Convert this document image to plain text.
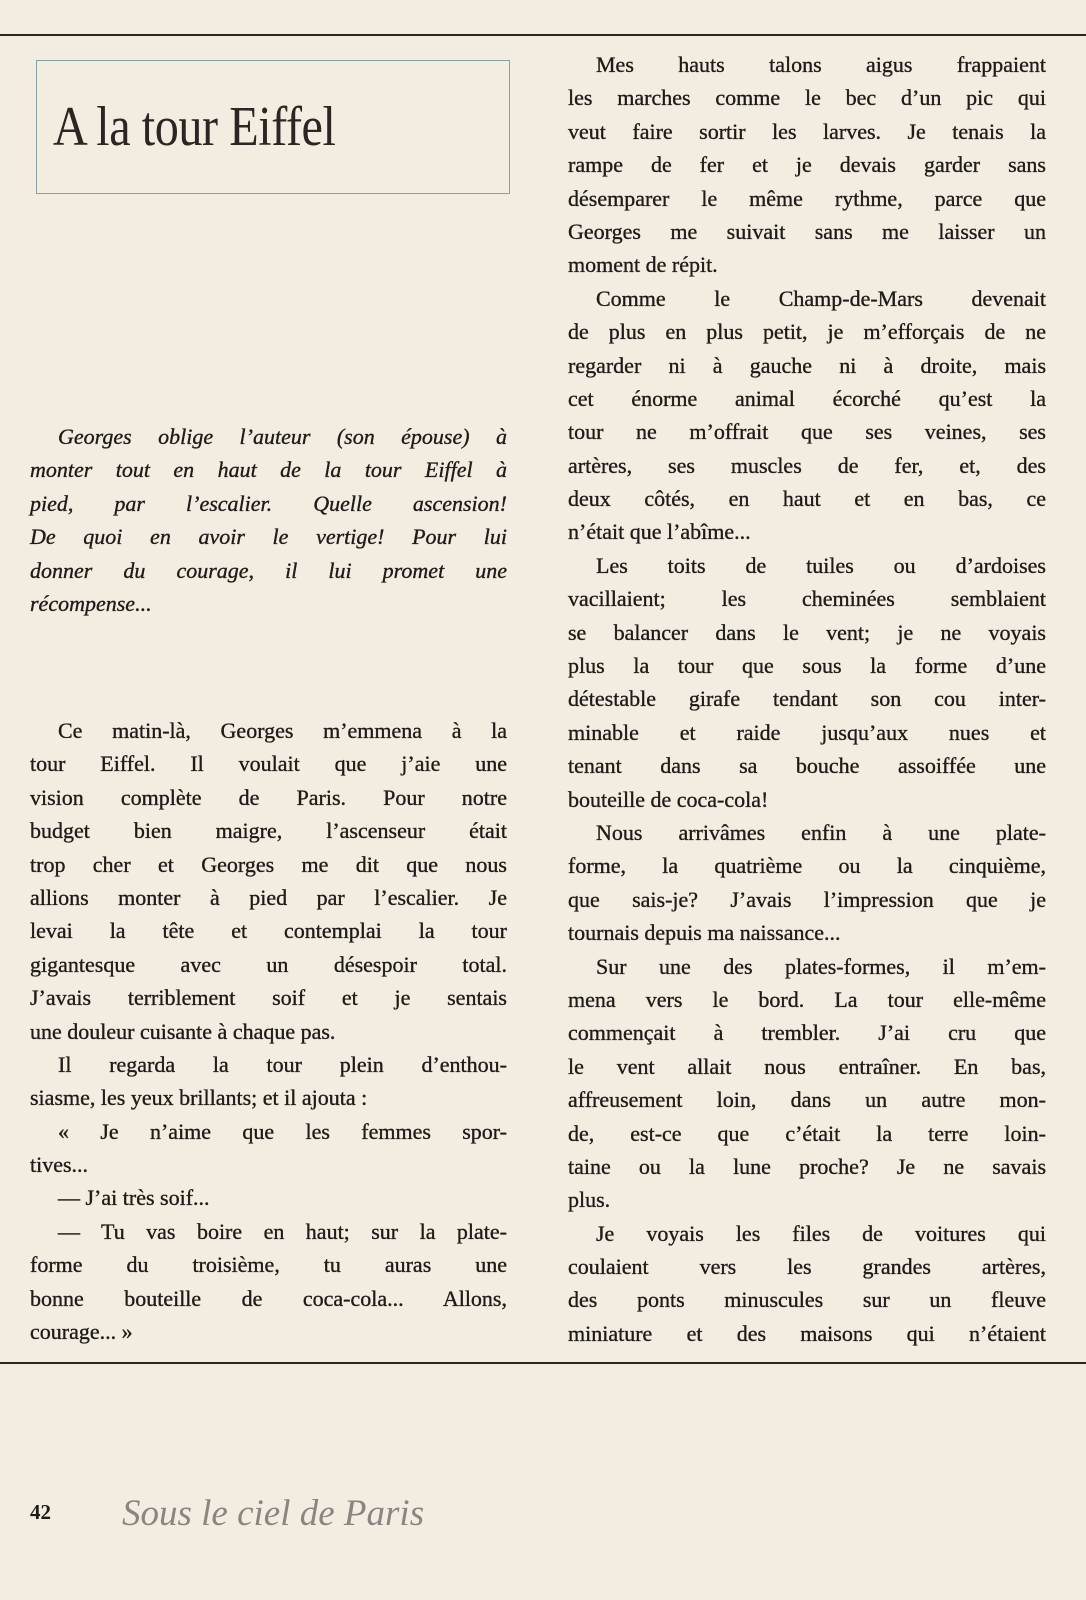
A la tour Eiffel
Georges oblige l’auteur (son épouse) à
monter tout en haut de la tour Eiffel à
pied, par l’escalier. Quelle ascension!
De quoi en avoir le vertige! Pour lui
donner du courage, il lui promet une
récompense...
Ce matin-là, Georges m’emmena à la
tour Eiffel. Il voulait que j’aie une
vision complète de Paris. Pour notre
budget bien maigre, l’ascenseur était
trop cher et Georges me dit que nous
allions monter à pied par l’escalier. Je
levai la tête et contemplai la tour
gigantesque avec un désespoir total.
J’avais terriblement soif et je sentais
une douleur cuisante à chaque pas.
Il regarda la tour plein d’enthou-
siasme, les yeux brillants; et il ajouta :
« Je n’aime que les femmes spor-
tives...
— J’ai très soif...
— Tu vas boire en haut; sur la plate-
forme du troisième, tu auras une
bonne bouteille de coca-cola... Allons,
courage... »
Mes hauts talons aigus frappaient
les marches comme le bec d’un pic qui
veut faire sortir les larves. Je tenais la
rampe de fer et je devais garder sans
désemparer le même rythme, parce que
Georges me suivait sans me laisser un
moment de répit.
Comme le Champ-de-Mars devenait
de plus en plus petit, je m’efforçais de ne
regarder ni à gauche ni à droite, mais
cet énorme animal écorché qu’est la
tour ne m’offrait que ses veines, ses
artères, ses muscles de fer, et, des
deux côtés, en haut et en bas, ce
n’était que l’abîme...
Les toits de tuiles ou d’ardoises
vacillaient; les cheminées semblaient
se balancer dans le vent; je ne voyais
plus la tour que sous la forme d’une
détestable girafe tendant son cou inter-
minable et raide jusqu’aux nues et
tenant dans sa bouche assoiffée une
bouteille de coca-cola!
Nous arrivâmes enfin à une plate-
forme, la quatrième ou la cinquième,
que sais-je? J’avais l’impression que je
tournais depuis ma naissance...
Sur une des plates-formes, il m’em-
mena vers le bord. La tour elle-même
commençait à trembler. J’ai cru que
le vent allait nous entraîner. En bas,
affreusement loin, dans un autre mon-
de, est-ce que c’était la terre loin-
taine ou la lune proche? Je ne savais
plus.
Je voyais les files de voitures qui
coulaient vers les grandes artères,
des ponts minuscules sur un fleuve
miniature et des maisons qui n’étaient
42 Sous le ciel de Paris
